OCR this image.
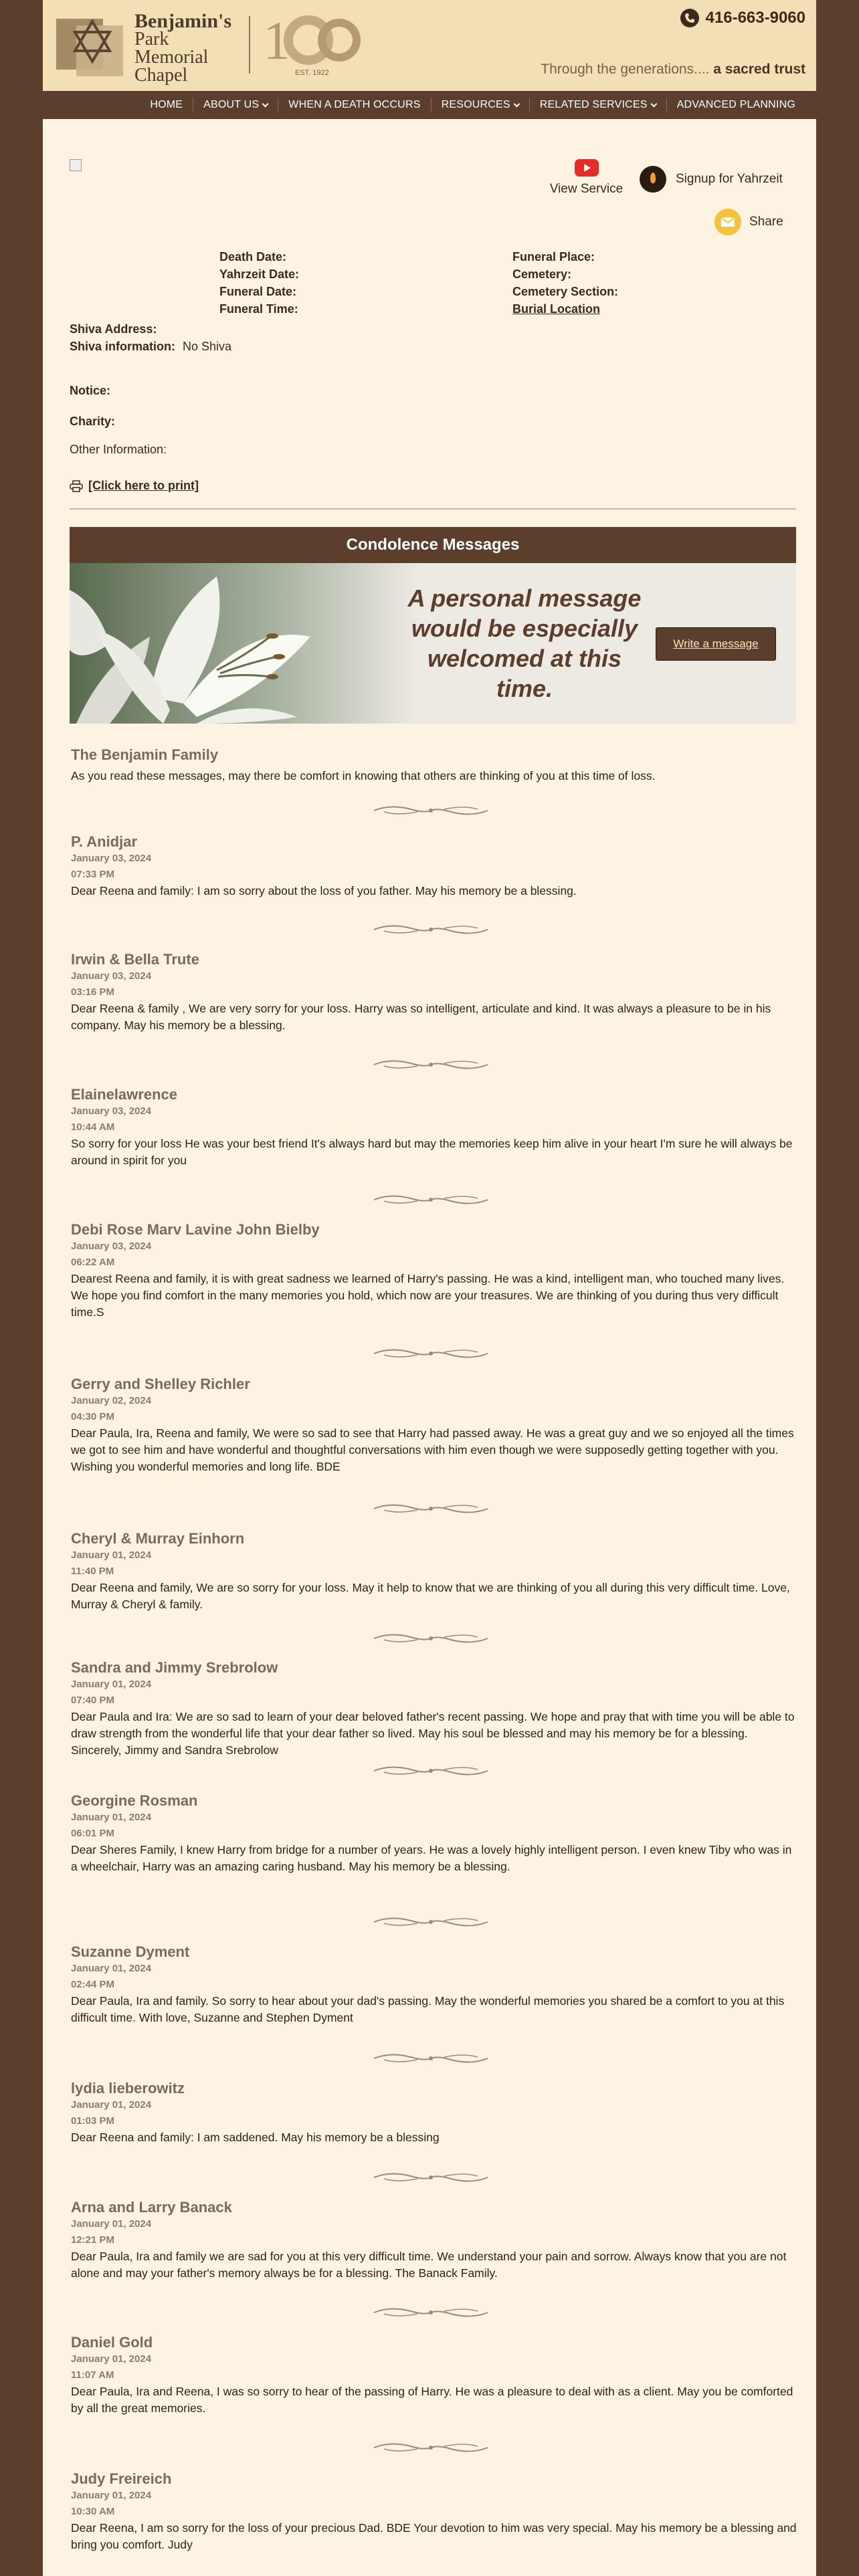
Benjamin's
Park
Memorial
Chapel
1
EST. 1922
416-663-9060
Through the generations.... a sacred trust
HOME ABOUT US	WHEN A DEATH OCCURS RESOURCES	RELATED SERVICES	ADVANCED PLANNING
View Service
Signup for Yahrzeit
Share
Death Date:
Yahrzeit Date:
Funeral Date:
Funeral Time:
Funeral Place:
Cemetery:
Cemetery Section:
Burial Location
Shiva Address:
Shiva information: No Shiva
Notice:
Charity:
Other Information:
[Click here to print]
Condolence Messages
A personal message would be especially welcomed at this time.
Write a message
The Benjamin Family
As you read these messages, may there be comfort in knowing that others are thinking of you at this time of loss.
P. Anidjar
January 03, 2024
07:33 PM
Dear Reena and family: I am so sorry about the loss of you father. May his memory be a blessing.
Irwin & Bella Trute
January 03, 2024
03:16 PM
Dear Reena & family , We are very sorry for your loss. Harry was so intelligent, articulate and kind. It was always a pleasure to be in his company. May his memory be a blessing.
Elainelawrence
January 03, 2024
10:44 AM
So sorry for your loss He was your best friend It's always hard but may the memories keep him alive in your heart I'm sure he will always be around in spirit for you
Debi Rose Marv Lavine John Bielby
January 03, 2024
06:22 AM
Dearest Reena and family, it is with great sadness we learned of Harry's passing. He was a kind, intelligent man, who touched many lives. We hope you find comfort in the many memories you hold, which now are your treasures. We are thinking of you during thus very difficult time.S
Gerry and Shelley Richler
January 02, 2024
04:30 PM
Dear Paula, Ira, Reena and family, We were so sad to see that Harry had passed away. He was a great guy and we so enjoyed all the times we got to see him and have wonderful and thoughtful conversations with him even though we were supposedly getting together with you. Wishing you wonderful memories and long life. BDE
Cheryl & Murray Einhorn
January 01, 2024
11:40 PM
Dear Reena and family, We are so sorry for your loss. May it help to know that we are thinking of you all during this very difficult time. Love, Murray & Cheryl & family.
Sandra and Jimmy Srebrolow
January 01, 2024
07:40 PM
Dear Paula and Ira: We are so sad to learn of your dear beloved father's recent passing. We hope and pray that with time you will be able to draw strength from the wonderful life that your dear father so lived. May his soul be blessed and may his memory be for a blessing. Sincerely, Jimmy and Sandra Srebrolow
Georgine Rosman
January 01, 2024
06:01 PM
Dear Sheres Family, I knew Harry from bridge for a number of years. He was a lovely highly intelligent person. I even knew Tiby who was in a wheelchair, Harry was an amazing caring husband. May his memory be a blessing.
Suzanne Dyment
January 01, 2024
02:44 PM
Dear Paula, Ira and family. So sorry to hear about your dad's passing. May the wonderful memories you shared be a comfort to you at this difficult time. With love, Suzanne and Stephen Dyment
lydia lieberowitz
January 01, 2024
01:03 PM
Dear Reena and family: I am saddened. May his memory be a blessing
Arna and Larry Banack
January 01, 2024
12:21 PM
Dear Paula, Ira and family we are sad for you at this very difficult time. We understand your pain and sorrow. Always know that you are not alone and may your father's memory always be for a blessing. The Banack Family.
Daniel Gold
January 01, 2024
11:07 AM
Dear Paula, Ira and Reena, I was so sorry to hear of the passing of Harry. He was a pleasure to deal with as a client. May you be comforted by all the great memories.
Judy Freireich
January 01, 2024
10:30 AM
Dear Reena, I am so sorry for the loss of your precious Dad. BDE Your devotion to him was very special. May his memory be a blessing and bring you comfort. Judy
